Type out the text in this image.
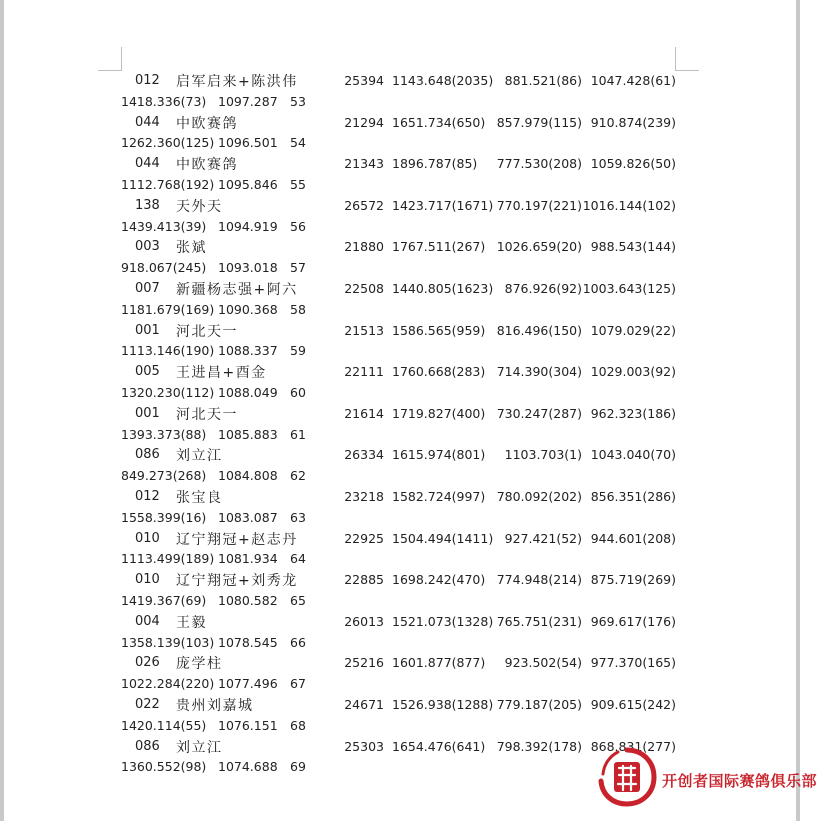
012 启军启来+陈洪伟	25394 1143.648(2035) 881.521(86) 1047.428(61)
1418.336(73) 1097.287 53
044 中欧赛鸽	21294 1651.734(650) 857.979(115) 910.874(239)
1262.360(125) 1096.501 54
044 中欧赛鸽	21343 1896.787(85)	777.530(208) 1059.826(50)
1112.768(192) 1095.846 55
138 天外天	26572 1423.717(1671) 770.197(221) 1016.144(102)
1439.413(39) 1094.919 56
003 张斌	21880 1767.511(267) 1026.659(20) 988.543(144)
918.067(245) 1093.018 57
007 新疆杨志强+阿六	22508 1440.805(1623) 876.926(92) 1003.643(125)
1181.679(169) 1090.368 58
001 河北天一	21513 1586.565(959) 816.496(150) 1079.029(22)
1113.146(190) 1088.337 59
005 王进昌+酉金	22111 1760.668(283) 714.390(304) 1029.003(92)
1320.230(112) 1088.049 60
001 河北天一	21614 1719.827(400) 730.247(287) 962.323(186)
1393.373(88) 1085.883 61
086 刘立江	26334 1615.974(801)	1103.703(1) 1043.040(70)
849.273(268) 1084.808 62
012 张宝良	23218 1582.724(997) 780.092(202) 856.351(286)
1558.399(16) 1083.087 63
010 辽宁翔冠+赵志丹	22925 1504.494(1411) 927.421(52) 944.601(208)
1113.499(189) 1081.934 64
010 辽宁翔冠+刘秀龙	22885 1698.242(470) 774.948(214) 875.719(269)
1419.367(69) 1080.582 65
004 王毅	26013 1521.073(1328) 765.751(231) 969.617(176)
1358.139(103) 1078.545 66
026 庞学柱	25216 1601.877(877)	923.502(54) 977.370(165)
1022.284(220) 1077.496 67
022 贵州刘嘉城	24671 1526.938(1288) 779.187(205) 909.615(242)
1420.114(55) 1076.151 68
086 刘立江	25303 1654.476(641) 798.392(178) 868.831(277)
1360.552(98) 1074.688 69
开创者国际赛鸽俱乐部
